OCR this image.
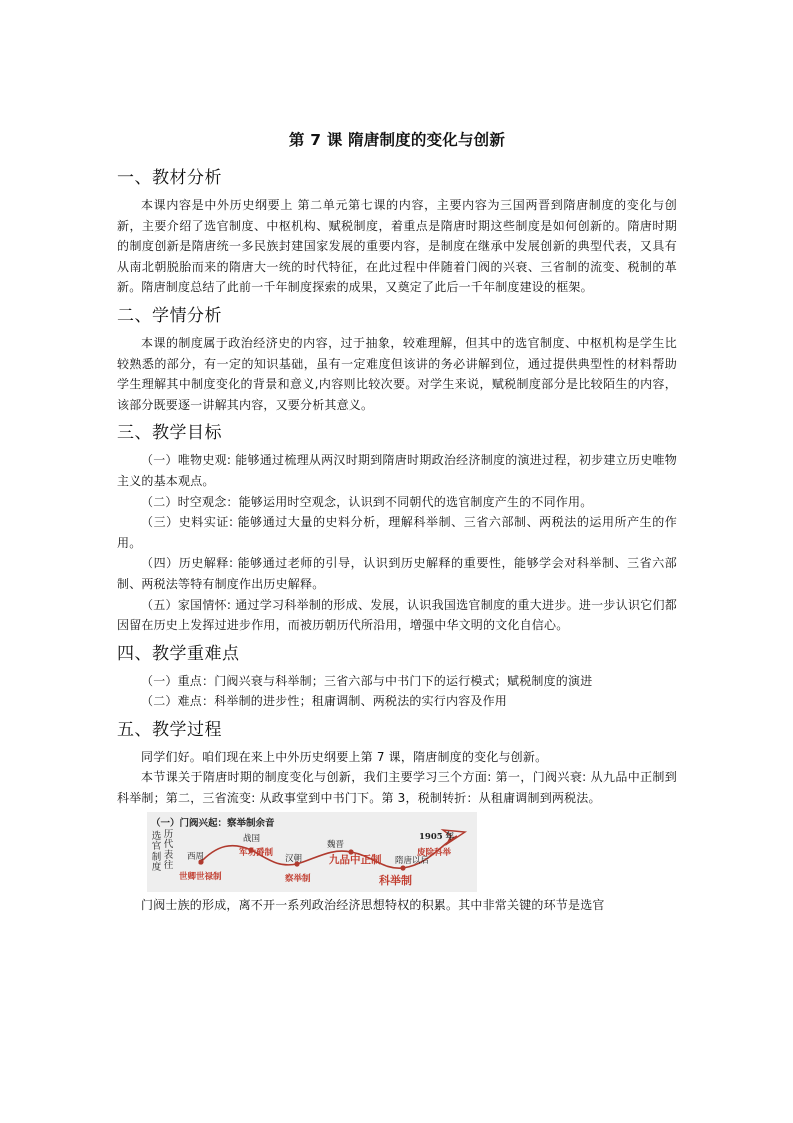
第 7 课 隋唐制度的变化与创新
一、教材分析

本课内容是中外历史纲要上 第二单元第七课的内容，主要内容为三国两晋到隋唐制度的变化与创新，主要介绍了选官制度、中枢机构、赋税制度，着重点是隋唐时期这些制度是如何创新的。隋唐时期的制度创新是隋唐统一多民族封建国家发展的重要内容，是制度在继承中发展创新的典型代表，又具有从南北朝脱胎而来的隋唐大一统的时代特征，在此过程中伴随着门阀的兴衰、三省制的流变、税制的革新。隋唐制度总结了此前一千年制度探索的成果，又奠定了此后一千年制度建设的框架。

二、学情分析

本课的制度属于政治经济史的内容，过于抽象，较难理解，但其中的选官制度、中枢机构是学生比较熟悉的部分，有一定的知识基础，虽有一定难度但该讲的务必讲解到位，通过提供典型性的材料帮助学生理解其中制度变化的背景和意义,内容则比较次要。对学生来说，赋税制度部分是比较陌生的内容，该部分既要逐一讲解其内容，又要分析其意义。

三、教学目标

（一）唯物史观: 能够通过梳理从两汉时期到隋唐时期政治经济制度的演进过程，初步建立历史唯物主义的基本观点。

（二）时空观念：能够运用时空观念，认识到不同朝代的选官制度产生的不同作用。

（三）史料实证: 能够通过大量的史料分析，理解科举制、三省六部制、两税法的运用所产生的作用。

（四）历史解释: 能够通过老师的引导，认识到历史解释的重要性，能够学会对科举制、三省六部制、两税法等特有制度作出历史解释。

（五）家国情怀: 通过学习科举制的形成、发展，认识我国选官制度的重大进步。进一步认识它们都因留在历史上发挥过进步作用，而被历朝历代所沿用，增强中华文明的文化自信心。

四、教学重难点

（一）重点：门阀兴衰与科举制；三省六部与中书门下的运行模式；赋税制度的演进

（二）难点：科举制的进步性；租庸调制、两税法的实行内容及作用

五、教学过程

同学们好。咱们现在来上中外历史纲要上第 7 课，隋唐制度的变化与创新。

本节课关于隋唐时期的制度变化与创新，我们主要学习三个方面: 第一，门阀兴衰: 从九品中正制到科举制；第二，三省流变: 从政事堂到中书门下。第 3，税制转折：从租庸调制到两税法。

（一）门阀兴起：察举制余音
选官制度
历代表往
西周
世卿世禄制
战国
军功爵制
汉朝
察举制
魏晋
九品中正制 隋唐以后
科举制
1905 年
废除科举

门阀士族的形成，离不开一系列政治经济思想特权的积累。其中非常关键的环节是选官
